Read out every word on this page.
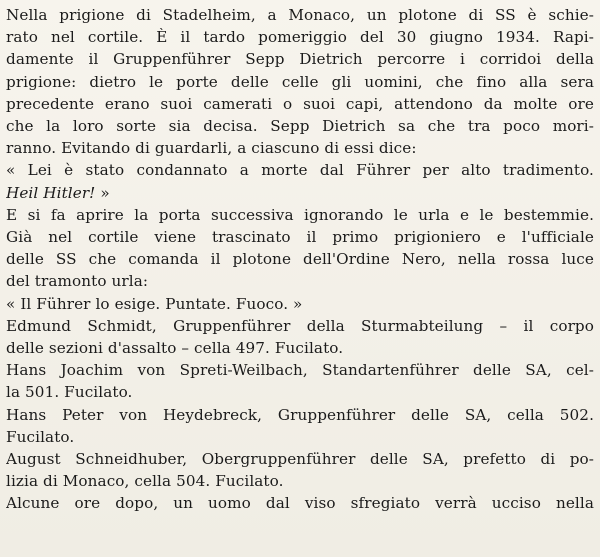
Nella prigione di Stadelheim, a Monaco, un plotone di SS è schie-
rato nel cortile. È il tardo pomeriggio del 30 giugno 1934. Rapi-
damente il Gruppenführer Sepp Dietrich percorre i corridoi della
prigione: dietro le porte delle celle gli uomini, che fino alla sera
precedente erano suoi camerati o suoi capi, attendono da molte ore
che la loro sorte sia decisa. Sepp Dietrich sa che tra poco mori-
ranno. Evitando di guardarli, a ciascuno di essi dice:
« Lei è stato condannato a morte dal Führer per alto tradimento.
Heil Hitler! »
E si fa aprire la porta successiva ignorando le urla e le bestemmie.
Già nel cortile viene trascinato il primo prigioniero e l'ufficiale
delle SS che comanda il plotone dell'Ordine Nero, nella rossa luce
del tramonto urla:
« Il Führer lo esige. Puntate. Fuoco. »
Edmund Schmidt, Gruppenführer della Sturmabteilung – il corpo
delle sezioni d'assalto – cella 497. Fucilato.
Hans Joachim von Spreti-Weilbach, Standartenführer delle SA, cel-
la 501. Fucilato.
Hans Peter von Heydebreck, Gruppenführer delle SA, cella 502.
Fucilato.
August Schneidhuber, Obergruppenführer delle SA, prefetto di po-
lizia di Monaco, cella 504. Fucilato.
Alcune ore dopo, un uomo dal viso sfregiato verrà ucciso nella
